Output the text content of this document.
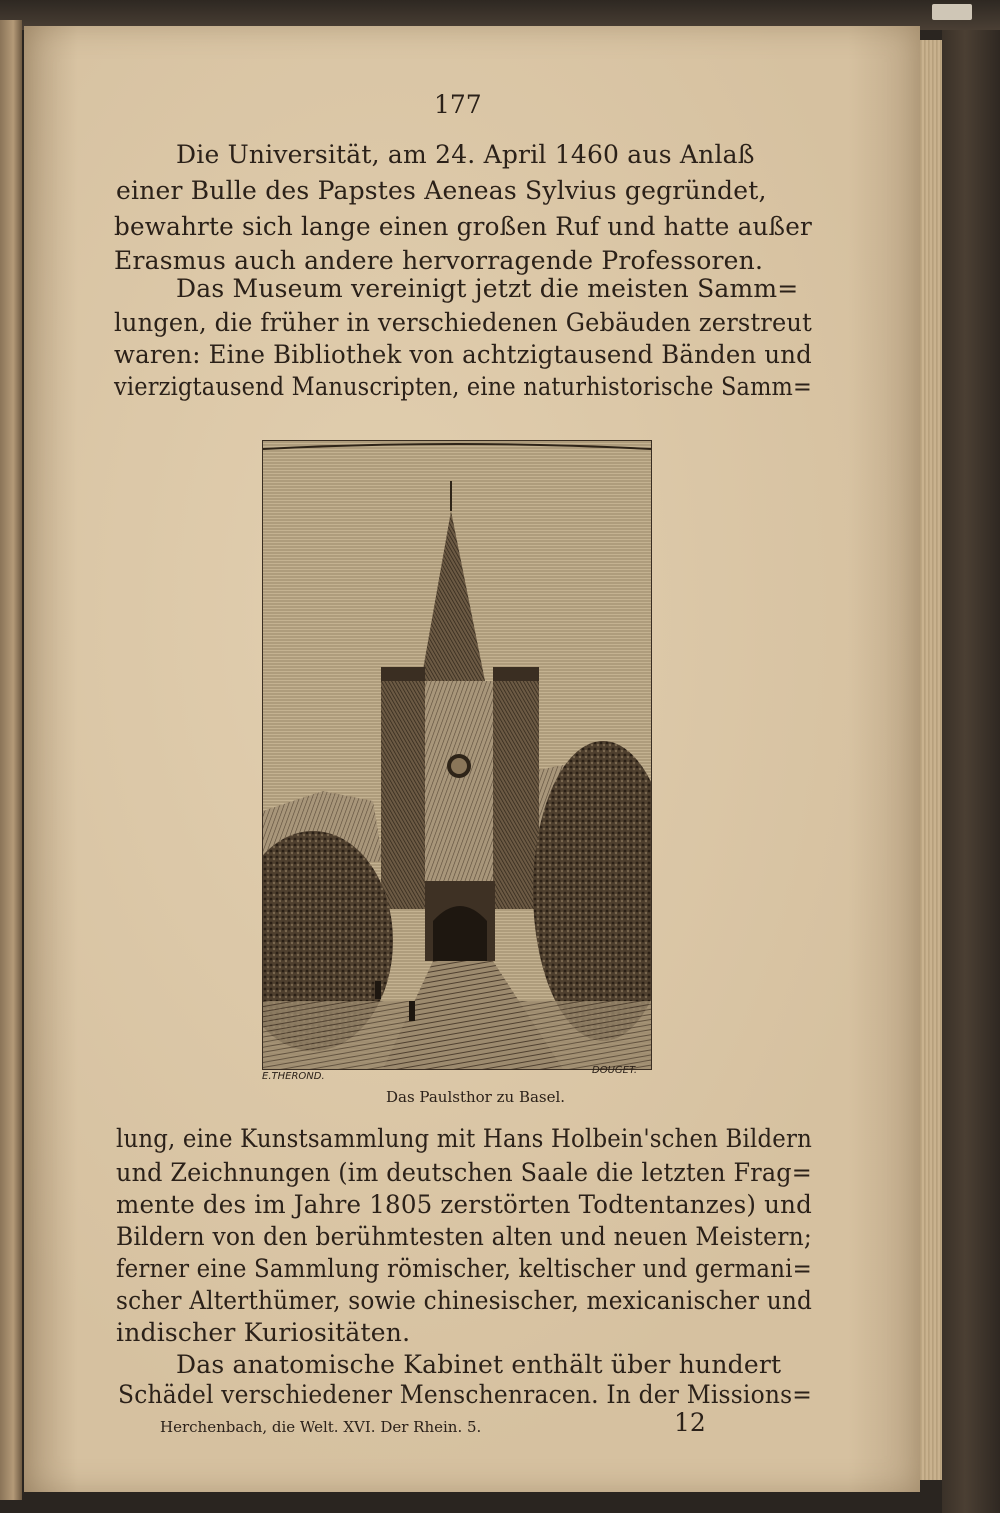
177
Die Universität, am 24. April 1460 aus Anlaß
einer Bulle des Papstes Aeneas Sylvius gegründet,
bewahrte sich lange einen großen Ruf und hatte außer
Erasmus auch andere hervorragende Professoren.
Das Museum vereinigt jetzt die meisten Samm=
lungen, die früher in verschiedenen Gebäuden zerstreut
waren: Eine Bibliothek von achtzigtausend Bänden und
vierzigtausend Manuscripten, eine naturhistorische Samm=
E.THEROND.
DOUGET.
Das Paulsthor zu Basel.
lung, eine Kunstsammlung mit Hans Holbein'schen Bildern
und Zeichnungen (im deutschen Saale die letzten Frag=
mente des im Jahre 1805 zerstörten Todtentanzes) und
Bildern von den berühmtesten alten und neuen Meistern;
ferner eine Sammlung römischer, keltischer und germani=
scher Alterthümer, sowie chinesischer, mexicanischer und
indischer Kuriositäten.
Das anatomische Kabinet enthält über hundert
Schädel verschiedener Menschenracen. In der Missions=
Herchenbach, die Welt. XVI. Der Rhein. 5.	12
